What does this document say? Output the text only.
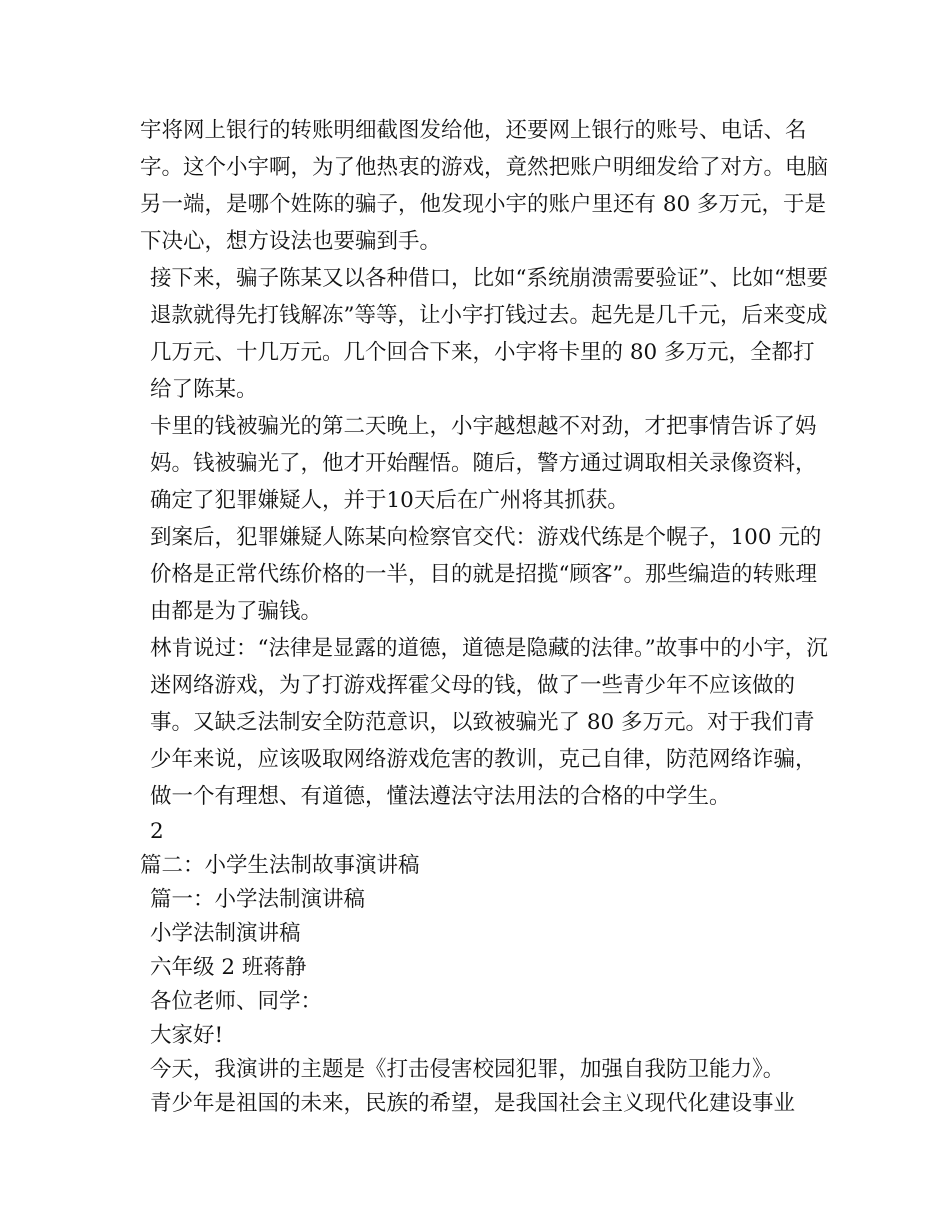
宇将网上银行的转账明细截图发给他，还要网上银行的账号、电话、名字。这个小宇啊，为了他热衷的游戏，竟然把账户明细发给了对方。电脑另一端，是哪个姓陈的骗子，他发现小宇的账户里还有 80 多万元，于是下决心，想方设法也要骗到手。

接下来，骗子陈某又以各种借口，比如“系统崩溃需要验证”、比如“想要退款就得先打钱解冻”等等，让小宇打钱过去。起先是几千元，后来变成几万元、十几万元。几个回合下来，小宇将卡里的 80 多万元，全都打给了陈某。

卡里的钱被骗光的第二天晚上，小宇越想越不对劲，才把事情告诉了妈妈。钱被骗光了，他才开始醒悟。随后，警方通过调取相关录像资料，确定了犯罪嫌疑人，并于10天后在广州将其抓获。

到案后，犯罪嫌疑人陈某向检察官交代：游戏代练是个幌子，100 元的价格是正常代练价格的一半，目的就是招揽“顾客”。那些编造的转账理由都是为了骗钱。

林肯说过：“法律是显露的道德，道德是隐藏的法律。”故事中的小宇，沉迷网络游戏，为了打游戏挥霍父母的钱，做了一些青少年不应该做的事。又缺乏法制安全防范意识，以致被骗光了 80 多万元。对于我们青少年来说，应该吸取网络游戏危害的教训，克己自律，防范网络诈骗，做一个有理想、有道德，懂法遵法守法用法的合格的中学生。

2

篇二：小学生法制故事演讲稿

篇一：小学法制演讲稿

小学法制演讲稿

六年级 2 班蒋静

各位老师、同学：

大家好!

今天，我演讲的主题是《打击侵害校园犯罪，加强自我防卫能力》。

青少年是祖国的未来，民族的希望，是我国社会主义现代化建设事业
